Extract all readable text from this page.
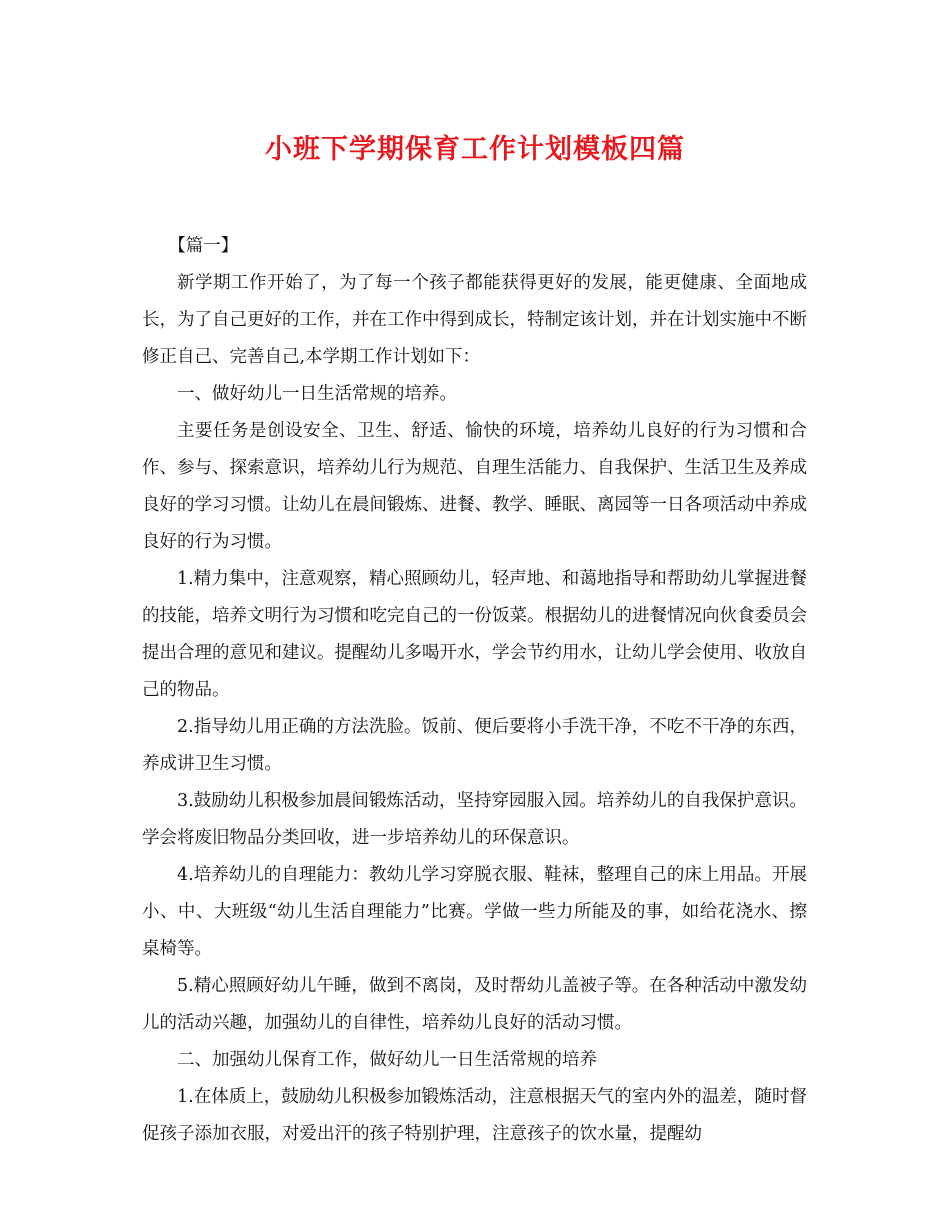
小班下学期保育工作计划模板四篇

【篇一】

新学期工作开始了，为了每一个孩子都能获得更好的发展，能更健康、全面地成长，为了自己更好的工作，并在工作中得到成长，特制定该计划，并在计划实施中不断修正自己、完善自己,本学期工作计划如下：

一、做好幼儿一日生活常规的培养。

主要任务是创设安全、卫生、舒适、愉快的环境，培养幼儿良好的行为习惯和合作、参与、探索意识，培养幼儿行为规范、自理生活能力、自我保护、生活卫生及养成良好的学习习惯。让幼儿在晨间锻炼、进餐、教学、睡眠、离园等一日各项活动中养成良好的行为习惯。

1.精力集中，注意观察，精心照顾幼儿，轻声地、和蔼地指导和帮助幼儿掌握进餐的技能，培养文明行为习惯和吃完自己的一份饭菜。根据幼儿的进餐情况向伙食委员会提出合理的意见和建议。提醒幼儿多喝开水，学会节约用水，让幼儿学会使用、收放自己的物品。

2.指导幼儿用正确的方法洗脸。饭前、便后要将小手洗干净，不吃不干净的东西，养成讲卫生习惯。

3.鼓励幼儿积极参加晨间锻炼活动，坚持穿园服入园。培养幼儿的自我保护意识。学会将废旧物品分类回收，进一步培养幼儿的环保意识。

4.培养幼儿的自理能力：教幼儿学习穿脱衣服、鞋袜，整理自己的床上用品。开展小、中、大班级“幼儿生活自理能力”比赛。学做一些力所能及的事，如给花浇水、擦桌椅等。

5.精心照顾好幼儿午睡，做到不离岗，及时帮幼儿盖被子等。在各种活动中激发幼儿的活动兴趣，加强幼儿的自律性，培养幼儿良好的活动习惯。

二、加强幼儿保育工作，做好幼儿一日生活常规的培养

1.在体质上，鼓励幼儿积极参加锻炼活动，注意根据天气的室内外的温差，随时督促孩子添加衣服，对爱出汗的孩子特别护理，注意孩子的饮水量，提醒幼
